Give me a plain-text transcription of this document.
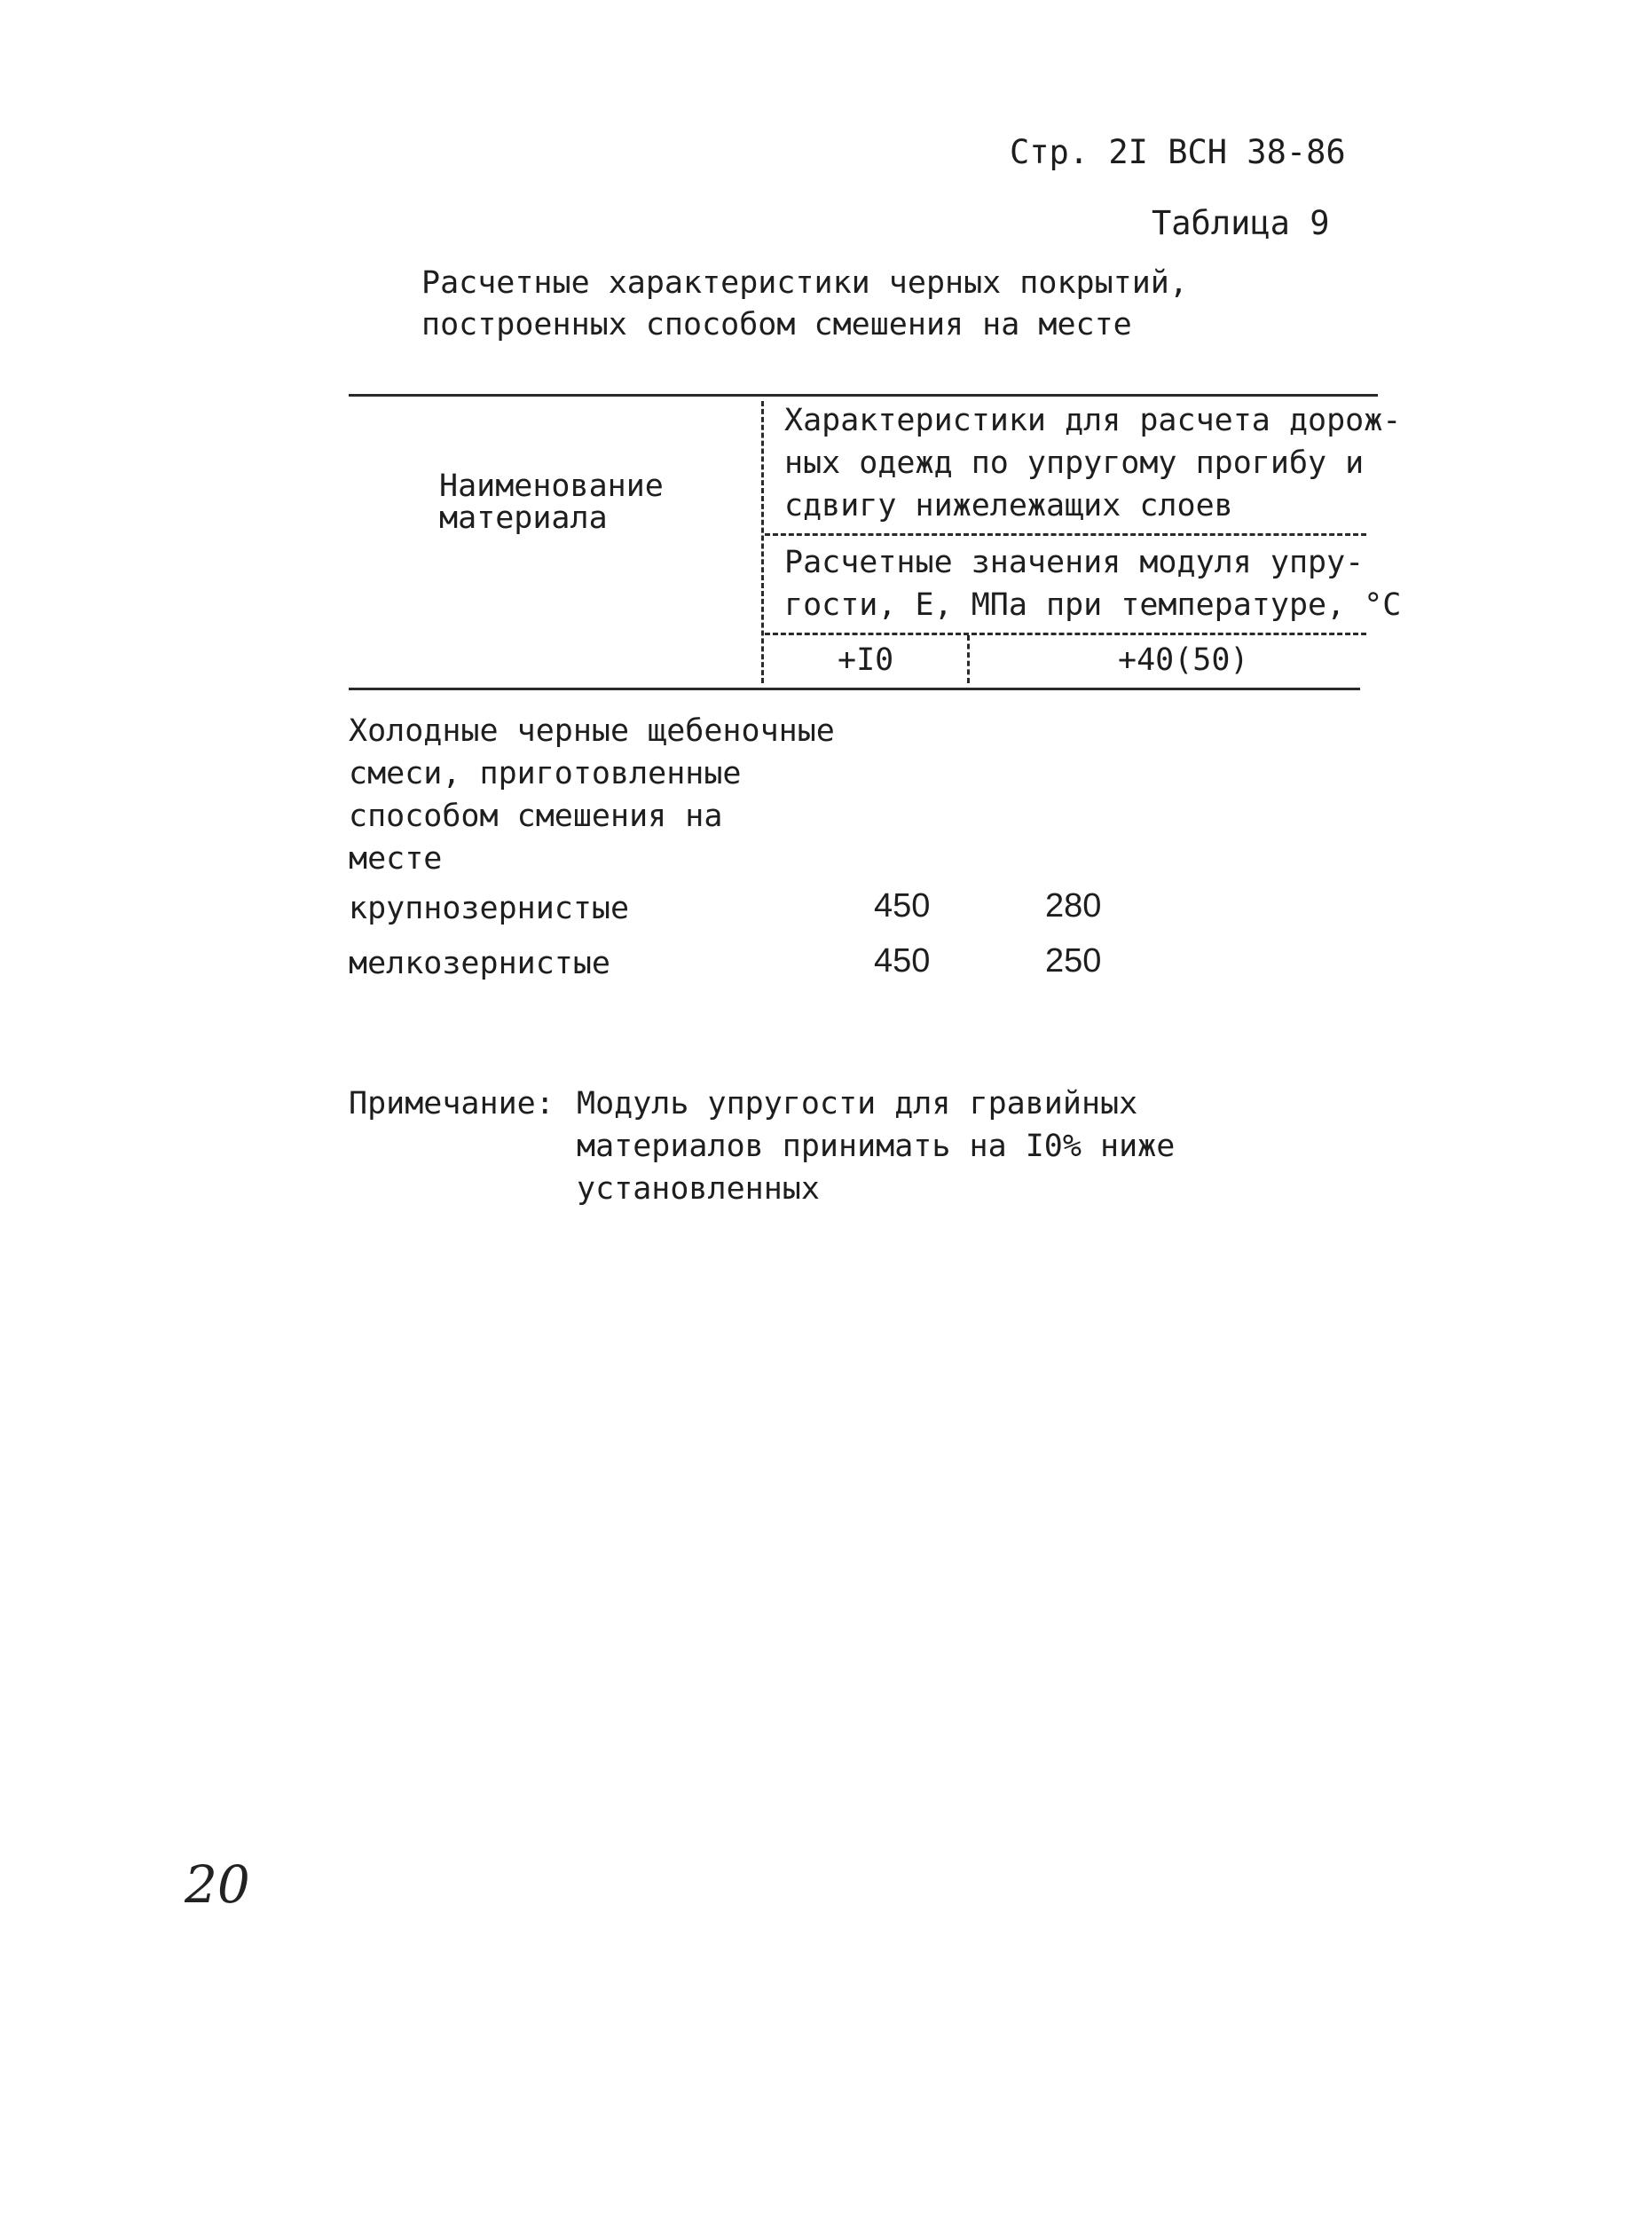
Стр. 2I ВСН 38-86
Таблица 9
Расчетные характеристики черных покрытий,
построенных способом смешения на месте
Наименование
материала
Характеристики для расчета дорож-
ных одежд по упругому прогибу и
сдвигу нижележащих слоев
Расчетные значения модуля упру-
гости, Е, МПа при температуре, °С
+I0	+40(50)
Холодные черные щебеночные
смеси, приготовленные
способом смешения на
месте
крупнозернистые	450	280
мелкозернистые	450	250
Примечание: Модуль упругости для гравийных
материалов принимать на I0% ниже
установленных
20
